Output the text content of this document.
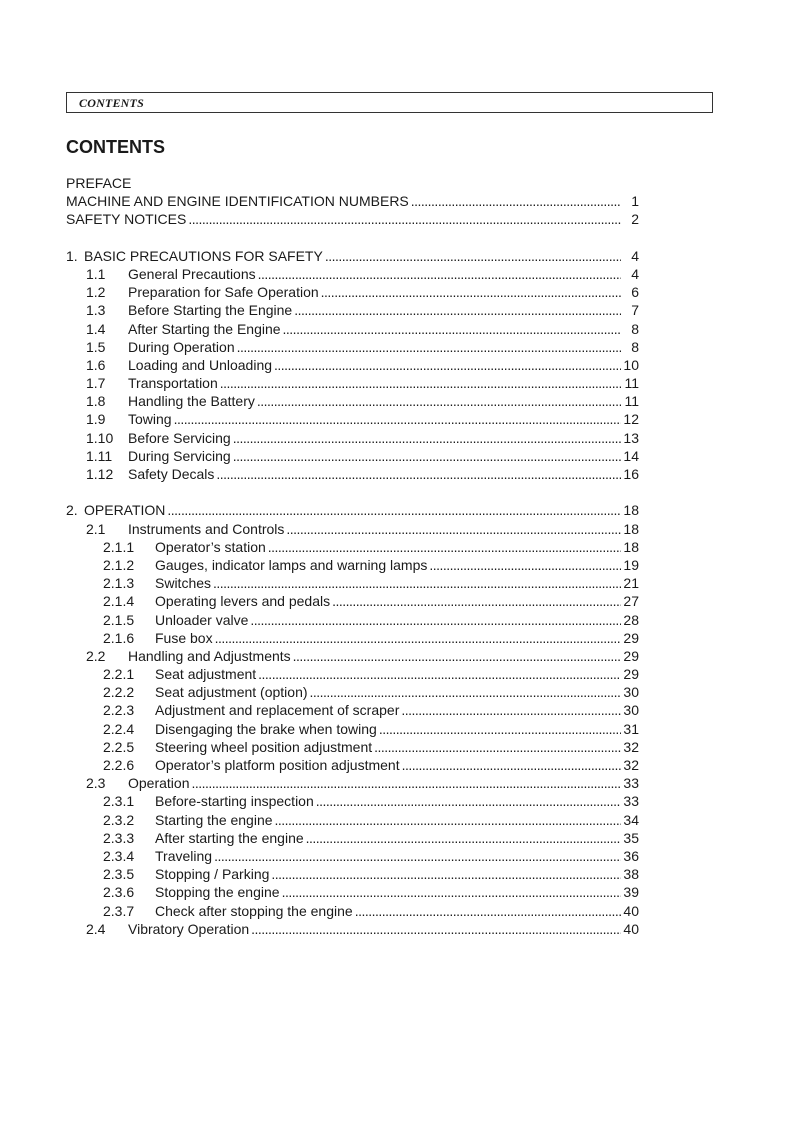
CONTENTS
CONTENTS
PREFACE
MACHINE AND ENGINE IDENTIFICATION NUMBERS . . .	1
SAFETY NOTICES . . .	2
1. BASIC PRECAUTIONS FOR SAFETY . . .	4
1.1	General Precautions . . .	4
1.2	Preparation for Safe Operation . . .	6
1.3	Before Starting the Engine . . .	7
1.4	After Starting the Engine . . .	8
1.5	During Operation . . .	8
1.6	Loading and Unloading . . .	10
1.7	Transportation . . .	11
1.8	Handling the Battery . . .	11
1.9	Towing . . .	12
1.10	Before Servicing . . .	13
1.11	During Servicing . . .	14
1.12	Safety Decals . . .	16
2. OPERATION . . .	18
2.1	Instruments and Controls . . .	18
2.1.1	Operator’s station . . .	18
2.1.2	Gauges, indicator lamps and warning lamps . . .	19
2.1.3	Switches . . .	21
2.1.4	Operating levers and pedals . . .	27
2.1.5	Unloader valve . . .	28
2.1.6	Fuse box . . .	29
2.2	Handling and Adjustments . . .	29
2.2.1	Seat adjustment . . .	29
2.2.2	Seat adjustment (option) . . .	30
2.2.3	Adjustment and replacement of scraper . . .	30
2.2.4	Disengaging the brake when towing . . .	31
2.2.5	Steering wheel position adjustment . . .	32
2.2.6	Operator’s platform position adjustment . . .	32
2.3	Operation . . .	33
2.3.1	Before-starting inspection . . .	33
2.3.2	Starting the engine . . .	34
2.3.3	After starting the engine . . .	35
2.3.4	Traveling . . .	36
2.3.5	Stopping / Parking . . .	38
2.3.6	Stopping the engine . . .	39
2.3.7	Check after stopping the engine . . .	40
2.4	Vibratory Operation . . .	40
